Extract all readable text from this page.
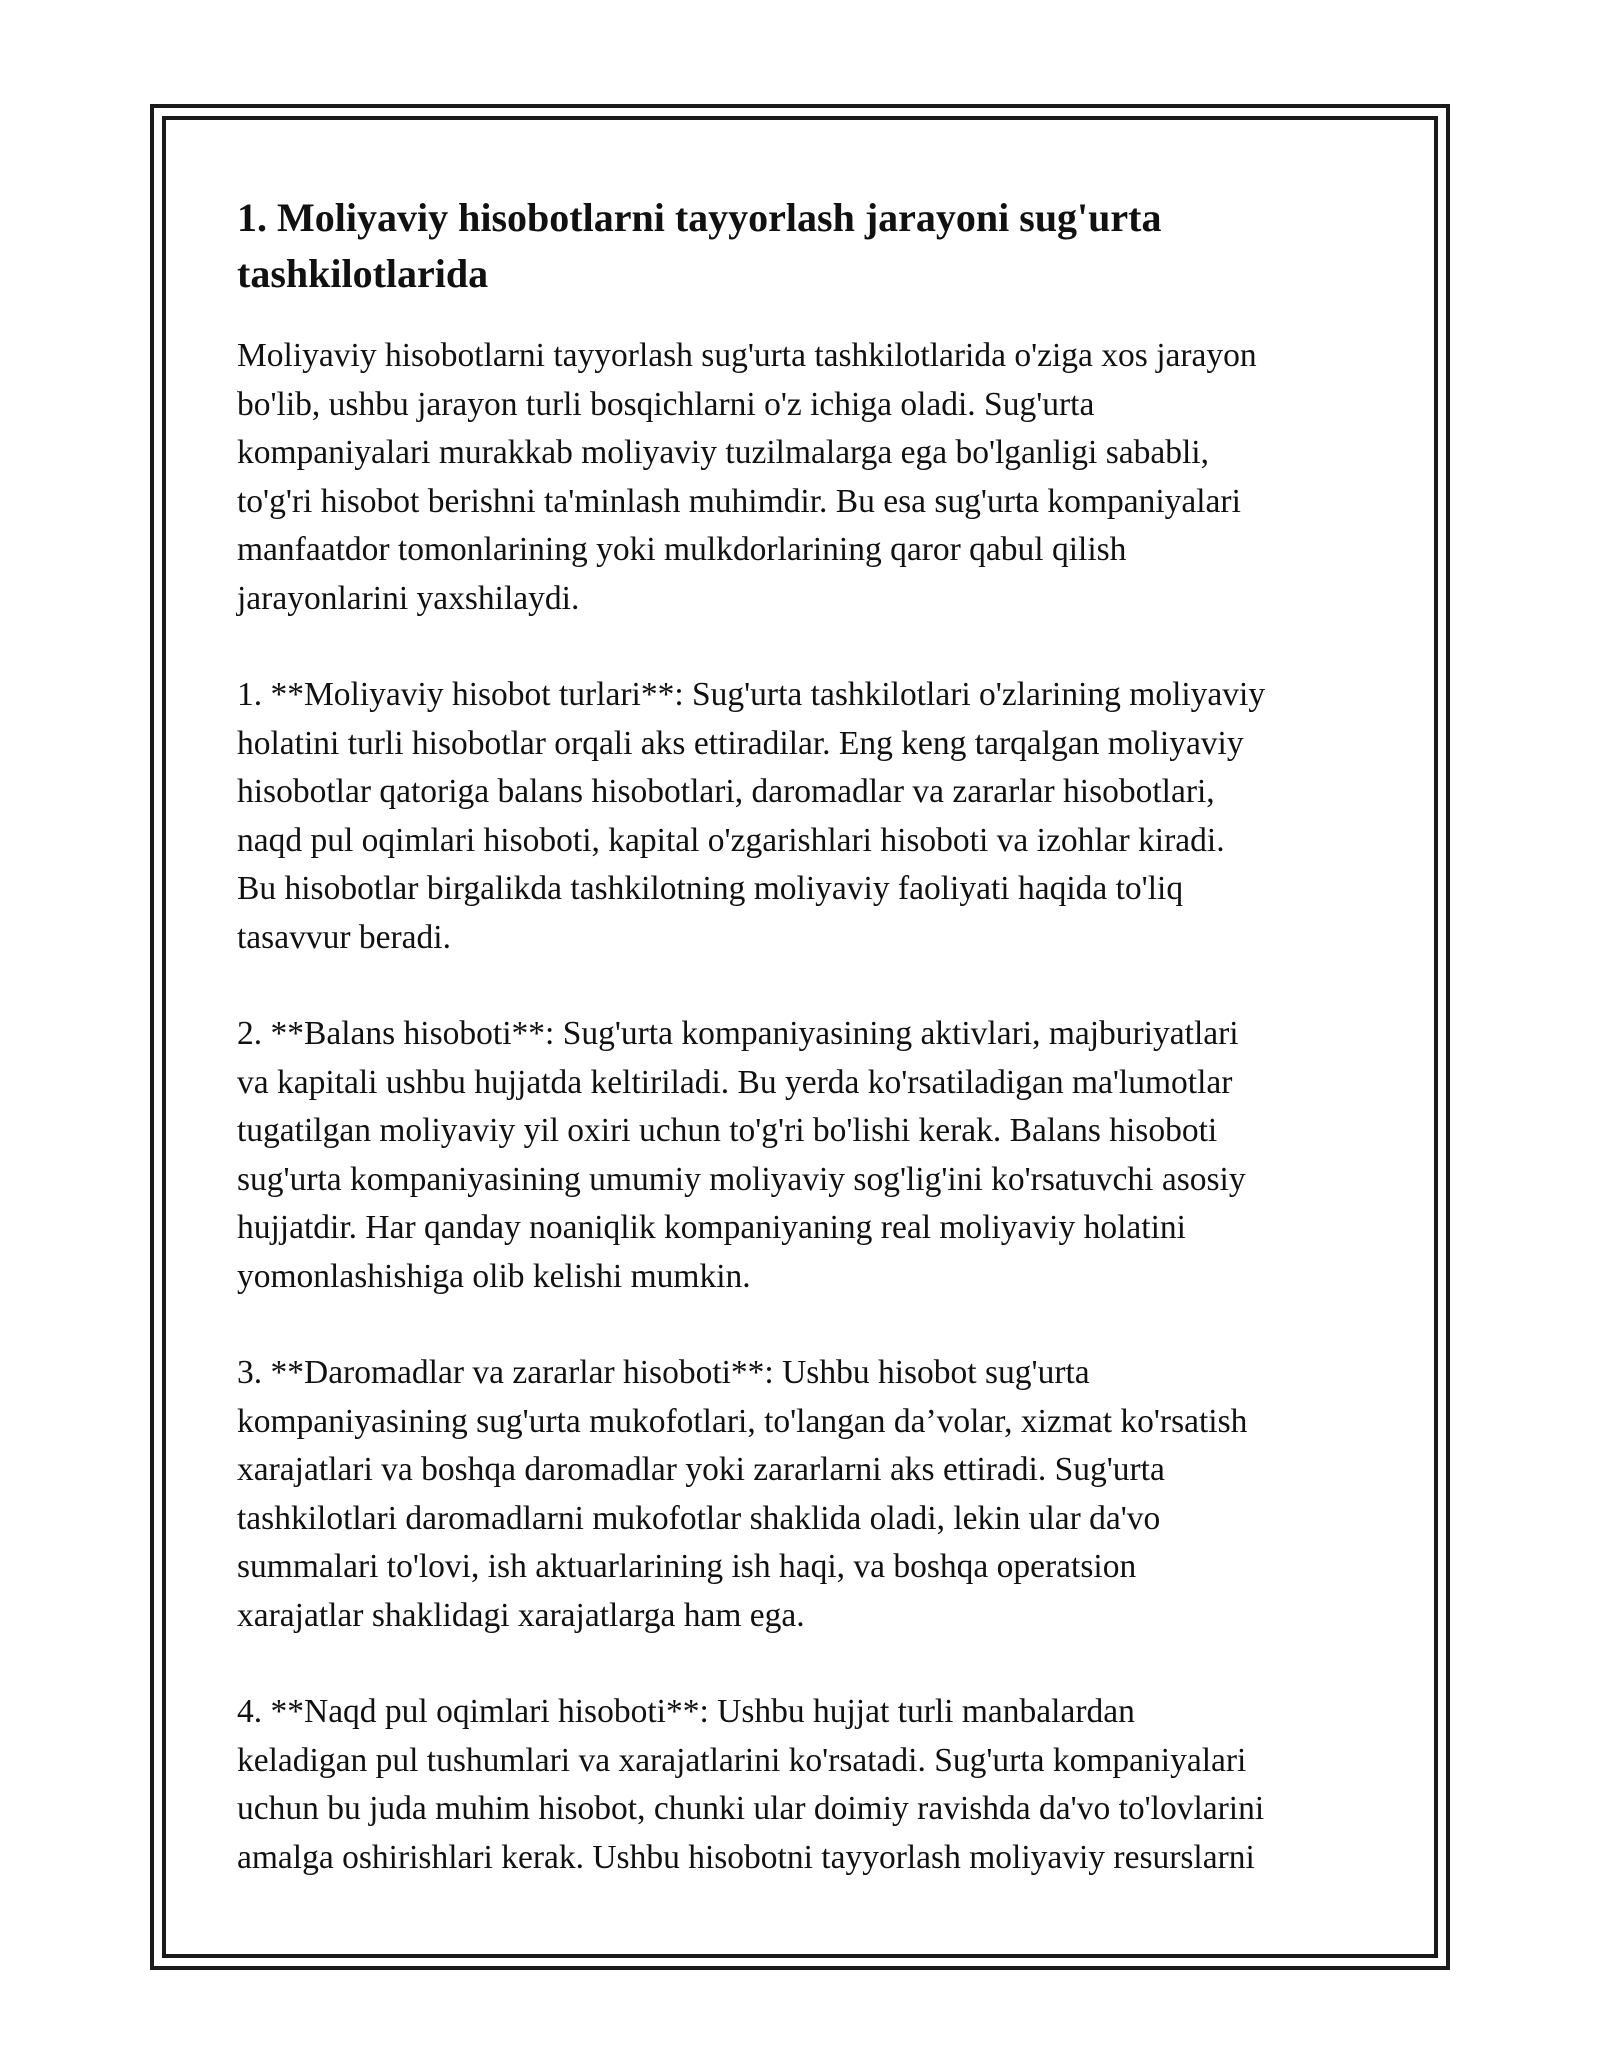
1. Moliyaviy hisobotlarni tayyorlash jarayoni sug'urta
tashkilotlarida

Moliyaviy hisobotlarni tayyorlash sug'urta tashkilotlarida o'ziga xos jarayon
bo'lib, ushbu jarayon turli bosqichlarni o'z ichiga oladi. Sug'urta
kompaniyalari murakkab moliyaviy tuzilmalarga ega bo'lganligi sababli,
to'g'ri hisobot berishni ta'minlash muhimdir. Bu esa sug'urta kompaniyalari
manfaatdor tomonlarining yoki mulkdorlarining qaror qabul qilish
jarayonlarini yaxshilaydi.

1. **Moliyaviy hisobot turlari**: Sug'urta tashkilotlari o'zlarining moliyaviy
holatini turli hisobotlar orqali aks ettiradilar. Eng keng tarqalgan moliyaviy
hisobotlar qatoriga balans hisobotlari, daromadlar va zararlar hisobotlari,
naqd pul oqimlari hisoboti, kapital o'zgarishlari hisoboti va izohlar kiradi.
Bu hisobotlar birgalikda tashkilotning moliyaviy faoliyati haqida to'liq
tasavvur beradi.

2. **Balans hisoboti**: Sug'urta kompaniyasining aktivlari, majburiyatlari
va kapitali ushbu hujjatda keltiriladi. Bu yerda ko'rsatiladigan ma'lumotlar
tugatilgan moliyaviy yil oxiri uchun to'g'ri bo'lishi kerak. Balans hisoboti
sug'urta kompaniyasining umumiy moliyaviy sog'lig'ini ko'rsatuvchi asosiy
hujjatdir. Har qanday noaniqlik kompaniyaning real moliyaviy holatini
yomonlashishiga olib kelishi mumkin.

3. **Daromadlar va zararlar hisoboti**: Ushbu hisobot sug'urta
kompaniyasining sug'urta mukofotlari, to'langan da’volar, xizmat ko'rsatish
xarajatlari va boshqa daromadlar yoki zararlarni aks ettiradi. Sug'urta
tashkilotlari daromadlarni mukofotlar shaklida oladi, lekin ular da'vo
summalari to'lovi, ish aktuarlarining ish haqi, va boshqa operatsion
xarajatlar shaklidagi xarajatlarga ham ega.

4. **Naqd pul oqimlari hisoboti**: Ushbu hujjat turli manbalardan
keladigan pul tushumlari va xarajatlarini ko'rsatadi. Sug'urta kompaniyalari
uchun bu juda muhim hisobot, chunki ular doimiy ravishda da'vo to'lovlarini
amalga oshirishlari kerak. Ushbu hisobotni tayyorlash moliyaviy resurslarni
